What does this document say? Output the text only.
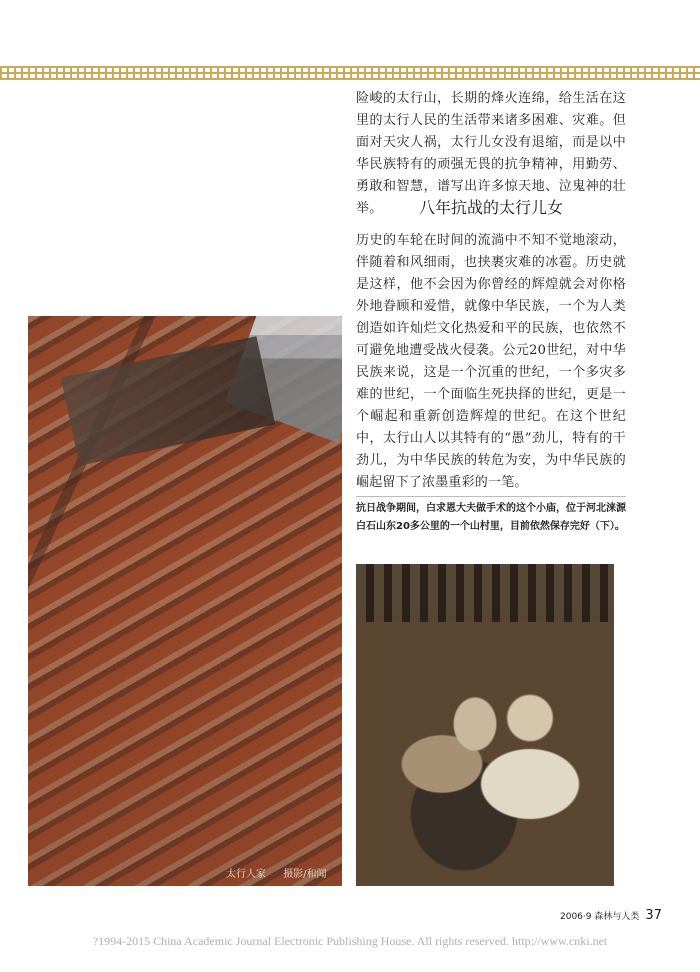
险峻的太行山，长期的烽火连绵，给生活在这里的太行人民的生活带来诸多困难、灾难。但面对天灾人祸，太行儿女没有退缩，而是以中华民族特有的顽强无畏的抗争精神，用勤劳、勇敢和智慧，谱写出许多惊天地、泣鬼神的壮举。	八年抗战的太行儿女

历史的车轮在时间的流淌中不知不觉地滚动，伴随着和风细雨，也挟裹灾难的冰雹。历史就是这样，他不会因为你曾经的辉煌就会对你格外地眷顾和爱惜，就像中华民族，一个为人类创造如许灿烂文化热爱和平的民族，也依然不可避免地遭受战火侵袭。公元20世纪，对中华民族来说，这是一个沉重的世纪，一个多灾多难的世纪，一个面临生死抉择的世纪，更是一个崛起和重新创造辉煌的世纪。在这个世纪中，太行山人以其特有的“愚”劲儿，特有的干劲儿，为中华民族的转危为安，为中华民族的崛起留下了浓墨重彩的一笔。

太行人家 摄影/和闻

抗日战争期间，白求恩大夫做手术的这个小庙，位于河北涞源白石山东20多公里的一个山村里，目前依然保存完好（下）。

2006·9 森林与人类 37
?1994-2015 China Academic Journal Electronic Publishing House. All rights reserved. http://www.cnki.net
